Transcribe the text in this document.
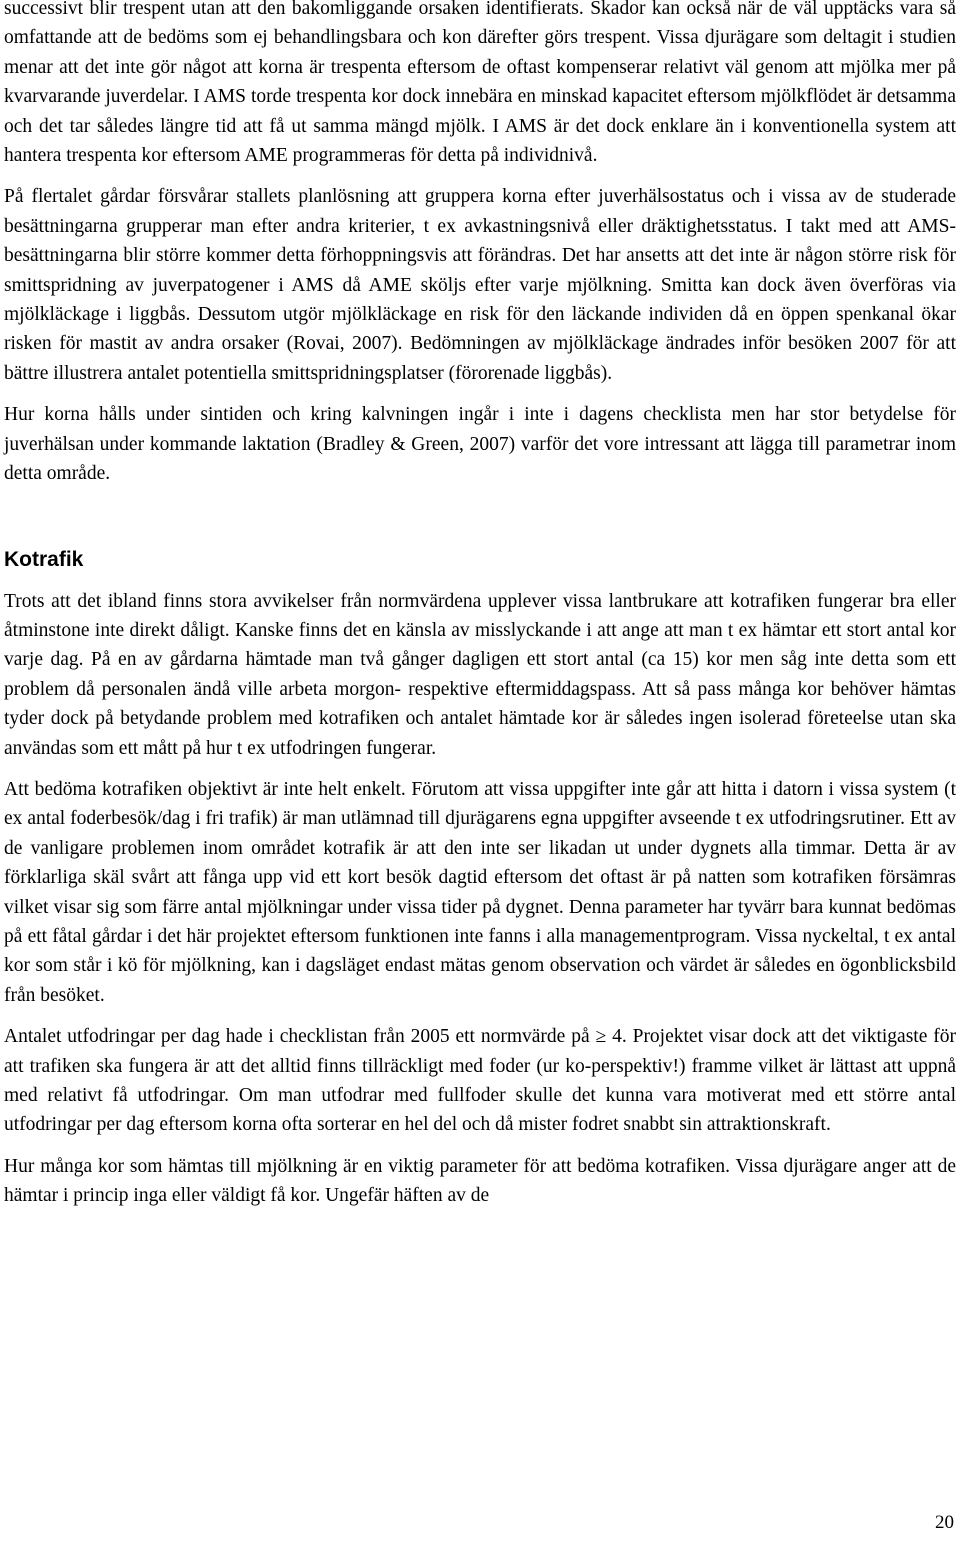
successivt blir trespent utan att den bakomliggande orsaken identifierats. Skador kan också när de väl upptäcks vara så omfattande att de bedöms som ej behandlingsbara och kon därefter görs trespent. Vissa djurägare som deltagit i studien menar att det inte gör något att korna är trespenta eftersom de oftast kompenserar relativt väl genom att mjölka mer på kvarvarande juverdelar. I AMS torde trespenta kor dock innebära en minskad kapacitet eftersom mjölkflödet är detsamma och det tar således längre tid att få ut samma mängd mjölk. I AMS är det dock enklare än i konventionella system att hantera trespenta kor eftersom AME programmeras för detta på individnivå.

På flertalet gårdar försvårar stallets planlösning att gruppera korna efter juverhälsostatus och i vissa av de studerade besättningarna grupperar man efter andra kriterier, t ex avkastningsnivå eller dräktighetsstatus. I takt med att AMS-besättningarna blir större kommer detta förhoppningsvis att förändras. Det har ansetts att det inte är någon större risk för smittspridning av juverpatogener i AMS då AME sköljs efter varje mjölkning. Smitta kan dock även överföras via mjölkläckage i liggbås. Dessutom utgör mjölkläckage en risk för den läckande individen då en öppen spenkanal ökar risken för mastit av andra orsaker (Rovai, 2007). Bedömningen av mjölkläckage ändrades inför besöken 2007 för att bättre illustrera antalet potentiella smittspridningsplatser (förorenade liggbås).

Hur korna hålls under sintiden och kring kalvningen ingår i inte i dagens checklista men har stor betydelse för juverhälsan under kommande laktation (Bradley & Green, 2007) varför det vore intressant att lägga till parametrar inom detta område.

Kotrafik

Trots att det ibland finns stora avvikelser från normvärdena upplever vissa lantbrukare att kotrafiken fungerar bra eller åtminstone inte direkt dåligt. Kanske finns det en känsla av misslyckande i att ange att man t ex hämtar ett stort antal kor varje dag. På en av gårdarna hämtade man två gånger dagligen ett stort antal (ca 15) kor men såg inte detta som ett problem då personalen ändå ville arbeta morgon- respektive eftermiddagspass. Att så pass många kor behöver hämtas tyder dock på betydande problem med kotrafiken och antalet hämtade kor är således ingen isolerad företeelse utan ska användas som ett mått på hur t ex utfodringen fungerar.

Att bedöma kotrafiken objektivt är inte helt enkelt. Förutom att vissa uppgifter inte går att hitta i datorn i vissa system (t ex antal foderbesök/dag i fri trafik) är man utlämnad till djurägarens egna uppgifter avseende t ex utfodringsrutiner. Ett av de vanligare problemen inom området kotrafik är att den inte ser likadan ut under dygnets alla timmar. Detta är av förklarliga skäl svårt att fånga upp vid ett kort besök dagtid eftersom det oftast är på natten som kotrafiken försämras vilket visar sig som färre antal mjölkningar under vissa tider på dygnet. Denna parameter har tyvärr bara kunnat bedömas på ett fåtal gårdar i det här projektet eftersom funktionen inte fanns i alla managementprogram. Vissa nyckeltal, t ex antal kor som står i kö för mjölkning, kan i dagsläget endast mätas genom observation och värdet är således en ögonblicksbild från besöket.

Antalet utfodringar per dag hade i checklistan från 2005 ett normvärde på ≥ 4. Projektet visar dock att det viktigaste för att trafiken ska fungera är att det alltid finns tillräckligt med foder (ur ko-perspektiv!) framme vilket är lättast att uppnå med relativt få utfodringar. Om man utfodrar med fullfoder skulle det kunna vara motiverat med ett större antal utfodringar per dag eftersom korna ofta sorterar en hel del och då mister fodret snabbt sin attraktionskraft.

Hur många kor som hämtas till mjölkning är en viktig parameter för att bedöma kotrafiken. Vissa djurägare anger att de hämtar i princip inga eller väldigt få kor. Ungefär häften av de

20
